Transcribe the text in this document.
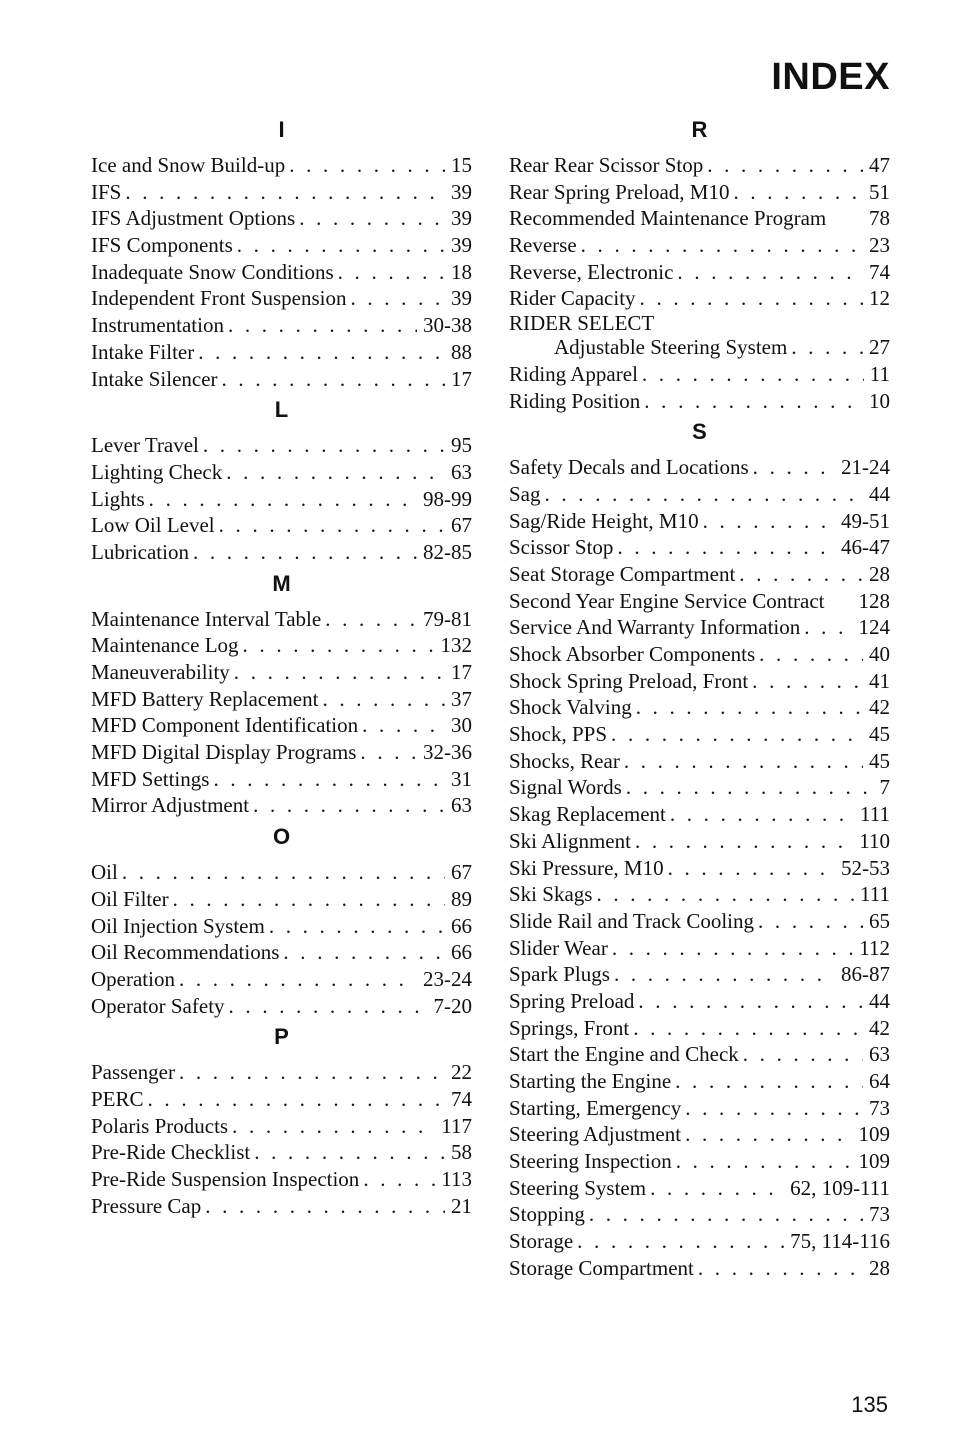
INDEX
I
Ice and Snow Build-up . . .	15
IFS . . .	39
IFS Adjustment Options . . .	39
IFS Components . . .	39
Inadequate Snow Conditions . . .	18
Independent Front Suspension . . .	39
Instrumentation . . .	30-38
Intake Filter . . .	88
Intake Silencer . . .	17
L
Lever Travel . . .	95
Lighting Check . . .	63
Lights . . .	98-99
Low Oil Level . . .	67
Lubrication . . .	82-85
M
Maintenance Interval Table . . .	79-81
Maintenance Log . . .	132
Maneuverability . . .	17
MFD Battery Replacement . . .	37
MFD Component Identification . . .	30
MFD Digital Display Programs . . .	32-36
MFD Settings . . .	31
Mirror Adjustment . . .	63
O
Oil . . .	67
Oil Filter . . .	89
Oil Injection System . . .	66
Oil Recommendations . . .	66
Operation . . .	23-24
Operator Safety . . .	7-20
P
Passenger . . .	22
PERC . . .	74
Polaris Products . . .	117
Pre-Ride Checklist . . .	58
Pre-Ride Suspension Inspection . . .	113
Pressure Cap . . .	21
R
Rear Rear Scissor Stop . . .	47
Rear Spring Preload, M10 . . .	51
Recommended Maintenance Program 78
Reverse . . .	23
Reverse, Electronic . . .	74
Rider Capacity . . .	12
RIDER SELECT
Adjustable Steering System . . .	27
Riding Apparel . . .	11
Riding Position . . .	10
S
Safety Decals and Locations . . .	21-24
Sag . . .	44
Sag/Ride Height, M10 . . .	49-51
Scissor Stop . . .	46-47
Seat Storage Compartment . . .	28
Second Year Engine Service Contract 128
Service And Warranty Information . . .	124
Shock Absorber Components . . .	40
Shock Spring Preload, Front . . .	41
Shock Valving . . .	42
Shock, PPS . . .	45
Shocks, Rear . . .	45
Signal Words . . .	7
Skag Replacement . . .	111
Ski Alignment . . .	110
Ski Pressure, M10 . . .	52-53
Ski Skags . . .	111
Slide Rail and Track Cooling . . .	65
Slider Wear . . .	112
Spark Plugs . . .	86-87
Spring Preload . . .	44
Springs, Front . . .	42
Start the Engine and Check . . .	63
Starting the Engine . . .	64
Starting, Emergency . . .	73
Steering Adjustment . . .	109
Steering Inspection . . .	109
Steering System . . .	62, 109-111
Stopping . . .	73
Storage . . .	75, 114-116
Storage Compartment . . .	28
135
